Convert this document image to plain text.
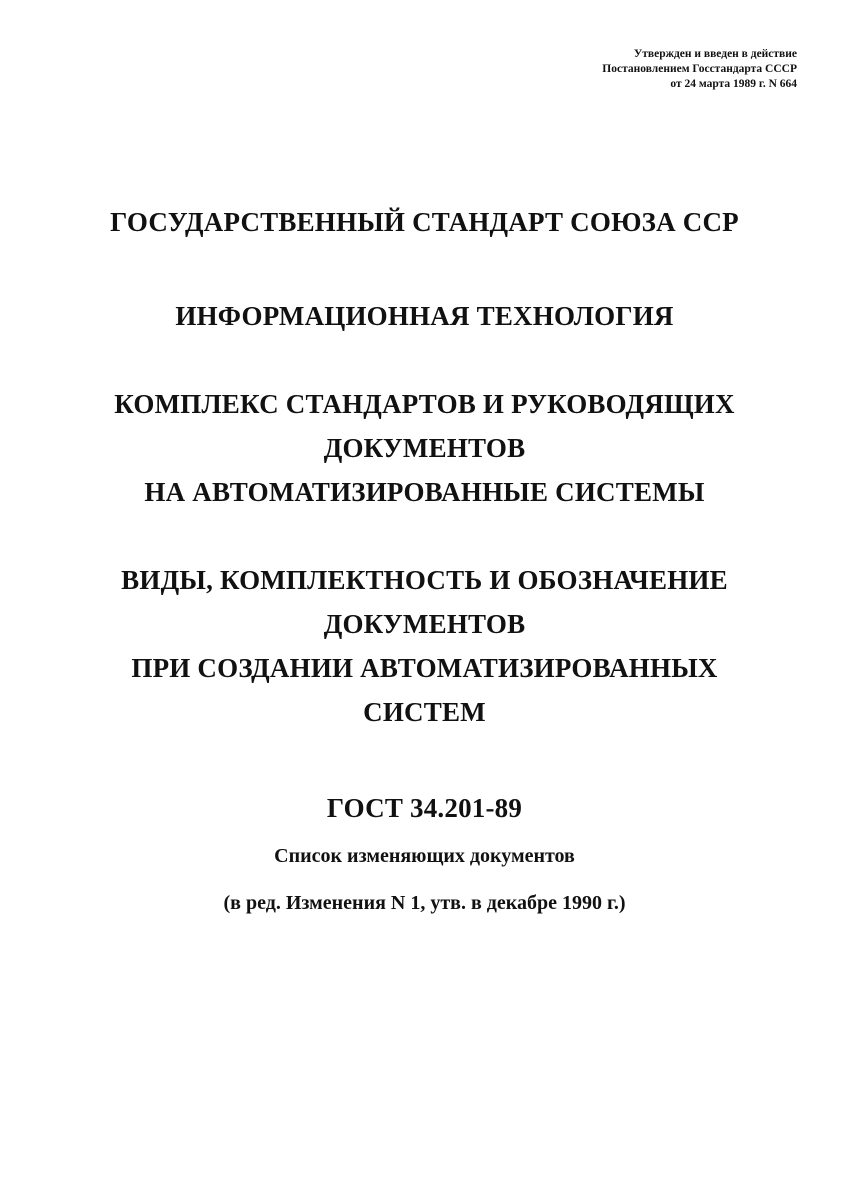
Утвержден и введен в действие
Постановлением Госстандарта СССР
от 24 марта 1989 г. N 664
ГОСУДАРСТВЕННЫЙ СТАНДАРТ СОЮЗА ССР
ИНФОРМАЦИОННАЯ ТЕХНОЛОГИЯ
КОМПЛЕКС СТАНДАРТОВ И РУКОВОДЯЩИХ
ДОКУМЕНТОВ
НА АВТОМАТИЗИРОВАННЫЕ СИСТЕМЫ
ВИДЫ, КОМПЛЕКТНОСТЬ И ОБОЗНАЧЕНИЕ
ДОКУМЕНТОВ
ПРИ СОЗДАНИИ АВТОМАТИЗИРОВАННЫХ
СИСТЕМ
ГОСТ 34.201-89
Список изменяющих документов
(в ред. Изменения N 1, утв. в декабре 1990 г.)
